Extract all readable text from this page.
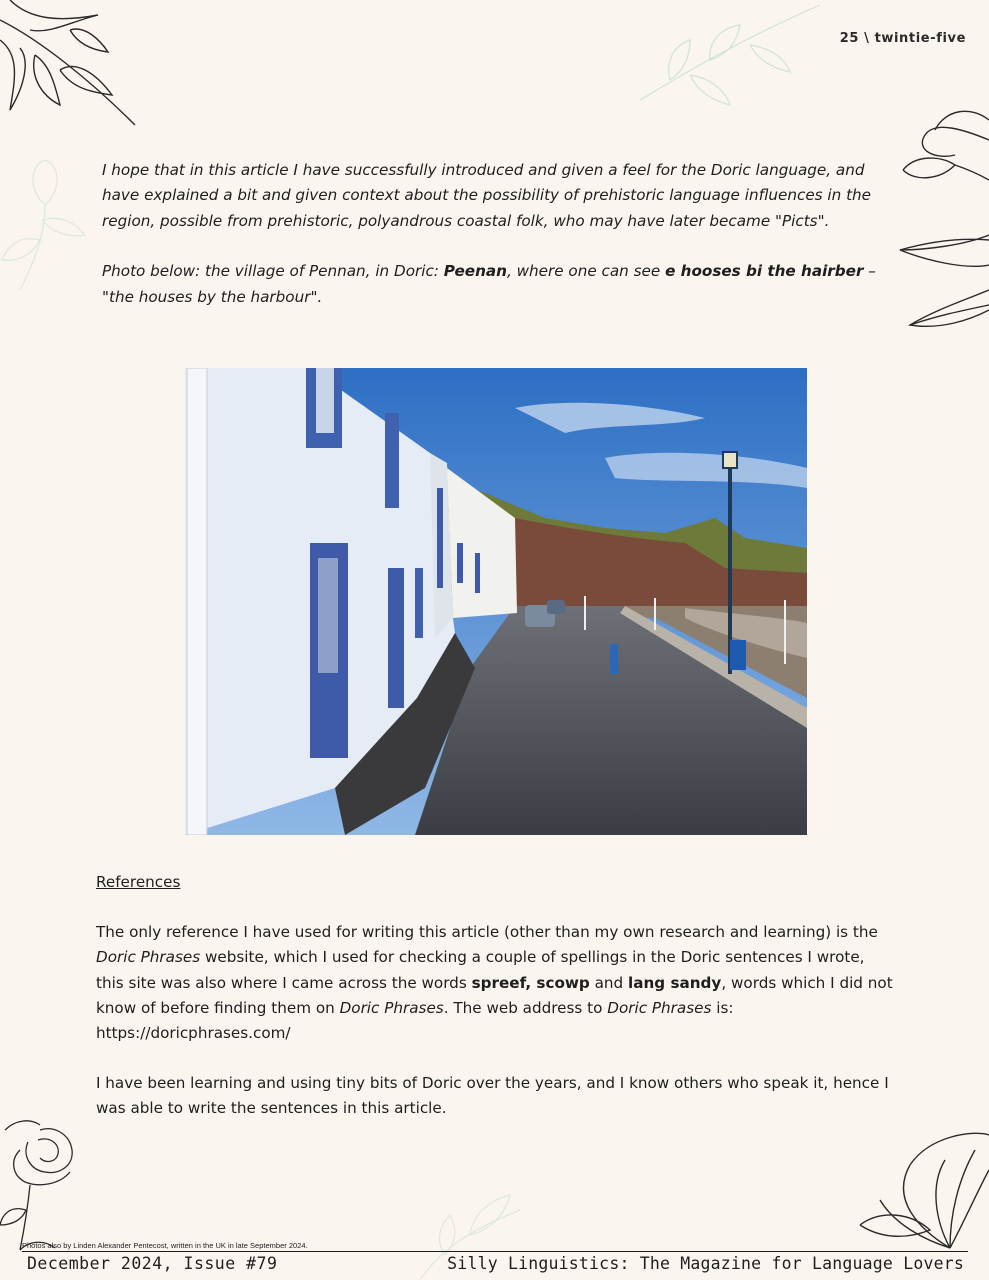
25 \ twintie-five

I hope that in this article I have successfully introduced and given a feel for the Doric language, and have explained a bit and given context about the possibility of prehistoric language influences in the region, possible from prehistoric, polyandrous coastal folk, who may have later became "Picts".

Photo below: the village of Pennan, in Doric: Peenan, where one can see e hooses bi the hairber – "the houses by the harbour".

References

The only reference I have used for writing this article (other than my own research and learning) is the Doric Phrases website, which I used for checking a couple of spellings in the Doric sentences I wrote, this site was also where I came across the words spreef, scowp and lang sandy, words which I did not know of before finding them on Doric Phrases. The web address to Doric Phrases is: https://doricphrases.com/

I have been learning and using tiny bits of Doric over the years, and I know others who speak it, hence I was able to write the sentences in this article.

Photos also by Linden Alexander Pentecost, written in the UK in late September 2024.
December 2024, Issue #79	Silly Linguistics: The Magazine for Language Lovers
